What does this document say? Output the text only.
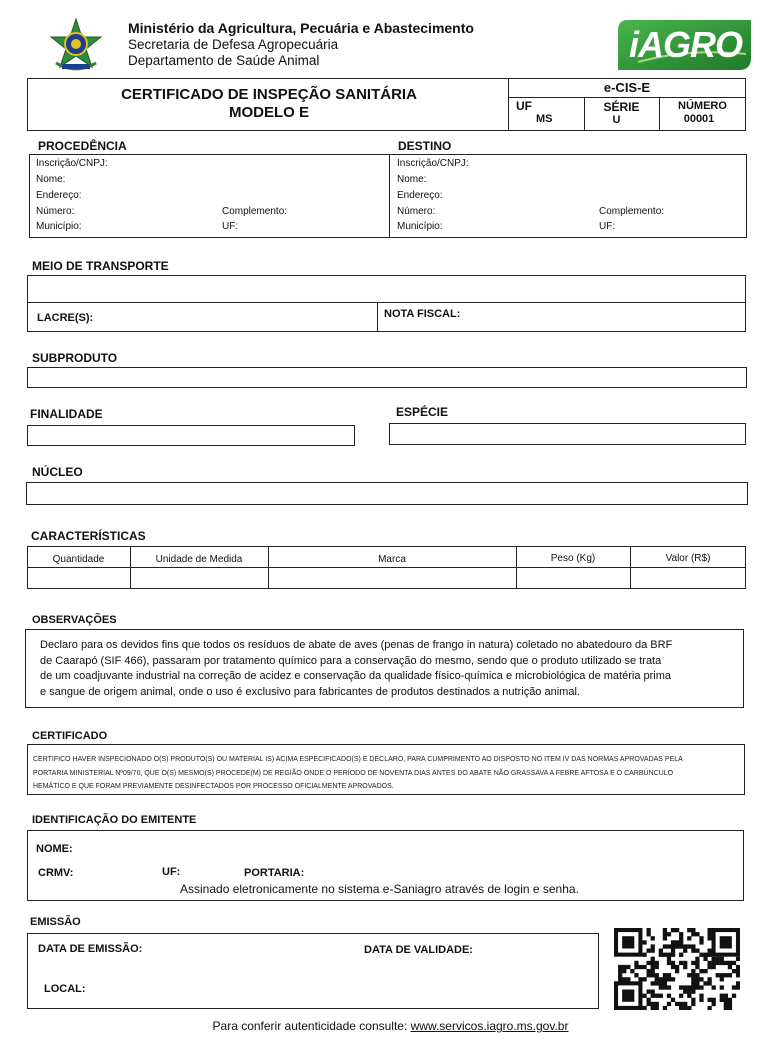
Ministério da Agricultura, Pecuária e Abastecimento
Secretaria de Defesa Agropecuária
Departamento de Saúde Animal	iAGRO
CERTIFICADO DE INSPEÇÃO SANITÁRIA
MODELO E
e-CIS-E
UF
MS
SÉRIE
U
NÚMERO
00001
PROCEDÊNCIA	DESTINO
Inscrição/CNPJ:
Nome:
Endereço:
Número:	Complemento:
Município:	UF:
Inscrição/CNPJ:
Nome:
Endereço:
Número:	Complemento:
Município:	UF:
MEIO DE TRANSPORTE
LACRE(S):	NOTA FISCAL:
SUBPRODUTO
FINALIDADE	ESPÉCIE
NÚCLEO
CARACTERÍSTICAS
Quantidade	Unidade de Medida	Marca	Peso (Kg)	Valor (R$)
OBSERVAÇÕES
Declaro para os devidos fins que todos os resíduos de abate de aves (penas de frango in natura) coletado no abatedouro da BRF
de Caarapó (SIF 466), passaram por tratamento químico para a conservação do mesmo, sendo que o produto utilizado se trata
de um coadjuvante industrial na correção de acidez e conservação da qualidade físico-química e microbiológica de matéria prima
e sangue de origem animal, onde o uso é exclusivo para fabricantes de produtos destinados a nutrição animal.
CERTIFICADO
CERTIFICO HAVER INSPECIONADO O(S) PRODUTO(S) OU MATERIAL IS) ACIMA ESPECIFICADO(S) E DECLARO, PARA CUMPRIMENTO AO DISPOSTO NO ITEM IV DAS NORMAS APROVADAS PELA
PORTARIA MINISTERIAL Nº09/70, QUE O(S) MESMO(S) PROCEDE(M) DE REGIÃO ONDE O PERÍODO DE NOVENTA DIAS ANTES DO ABATE NÃO GRASSAVA A FEBRE AFTOSA E O CARBÚNCULO
HEMÁTICO E QUE FORAM PREVIAMENTE DESINFECTADOS POR PROCESSO OFICIALMENTE APROVADOS.
IDENTIFICAÇÃO DO EMITENTE
NOME:
CRMV:	UF:	PORTARIA:
Assinado eletronicamente no sistema e-Saniagro através de login e senha.
EMISSÃO
DATA DE EMISSÃO:	DATA DE VALIDADE:
LOCAL:
Para conferir autenticidade consulte: www.servicos.iagro.ms.gov.br
